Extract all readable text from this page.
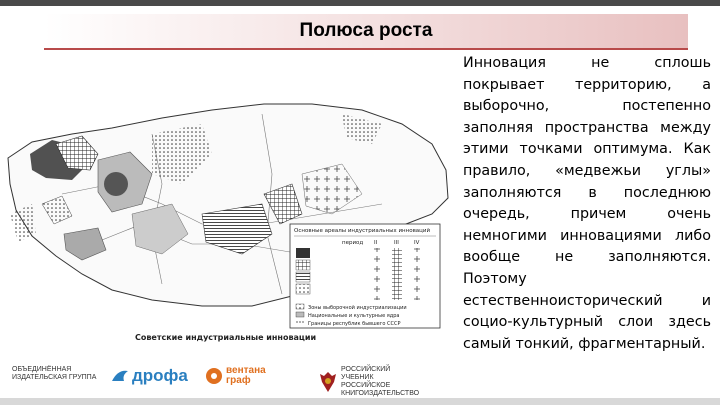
Полюса роста
Основные ареалы индустриальных инноваций
период II	III	IV
Зоны выборочной индустриализации
Национальные и культурные ядра
Границы республик бывшего СССР
Советские индустриальные инновации
Инновация не сплошь покрывает территорию, а выборочно, постепенно заполняя пространства между этими точками оптимума. Как правило, «медвежьи углы» заполняются в последнюю очередь, причем очень немногими инновациями либо вообще не заполняются. Поэтому естественноисторический и социо-культурный слои здесь самый тонкий, фрагментарный.
ОБЪЕДИНЁННАЯ
ИЗДАТЕЛЬСКАЯ ГРУППА дрофа	вентана
граф
РОССИЙСКИЙ
УЧЕБНИК
РОССИЙСКОЕ
КНИГОИЗДАТЕЛЬСТВО
